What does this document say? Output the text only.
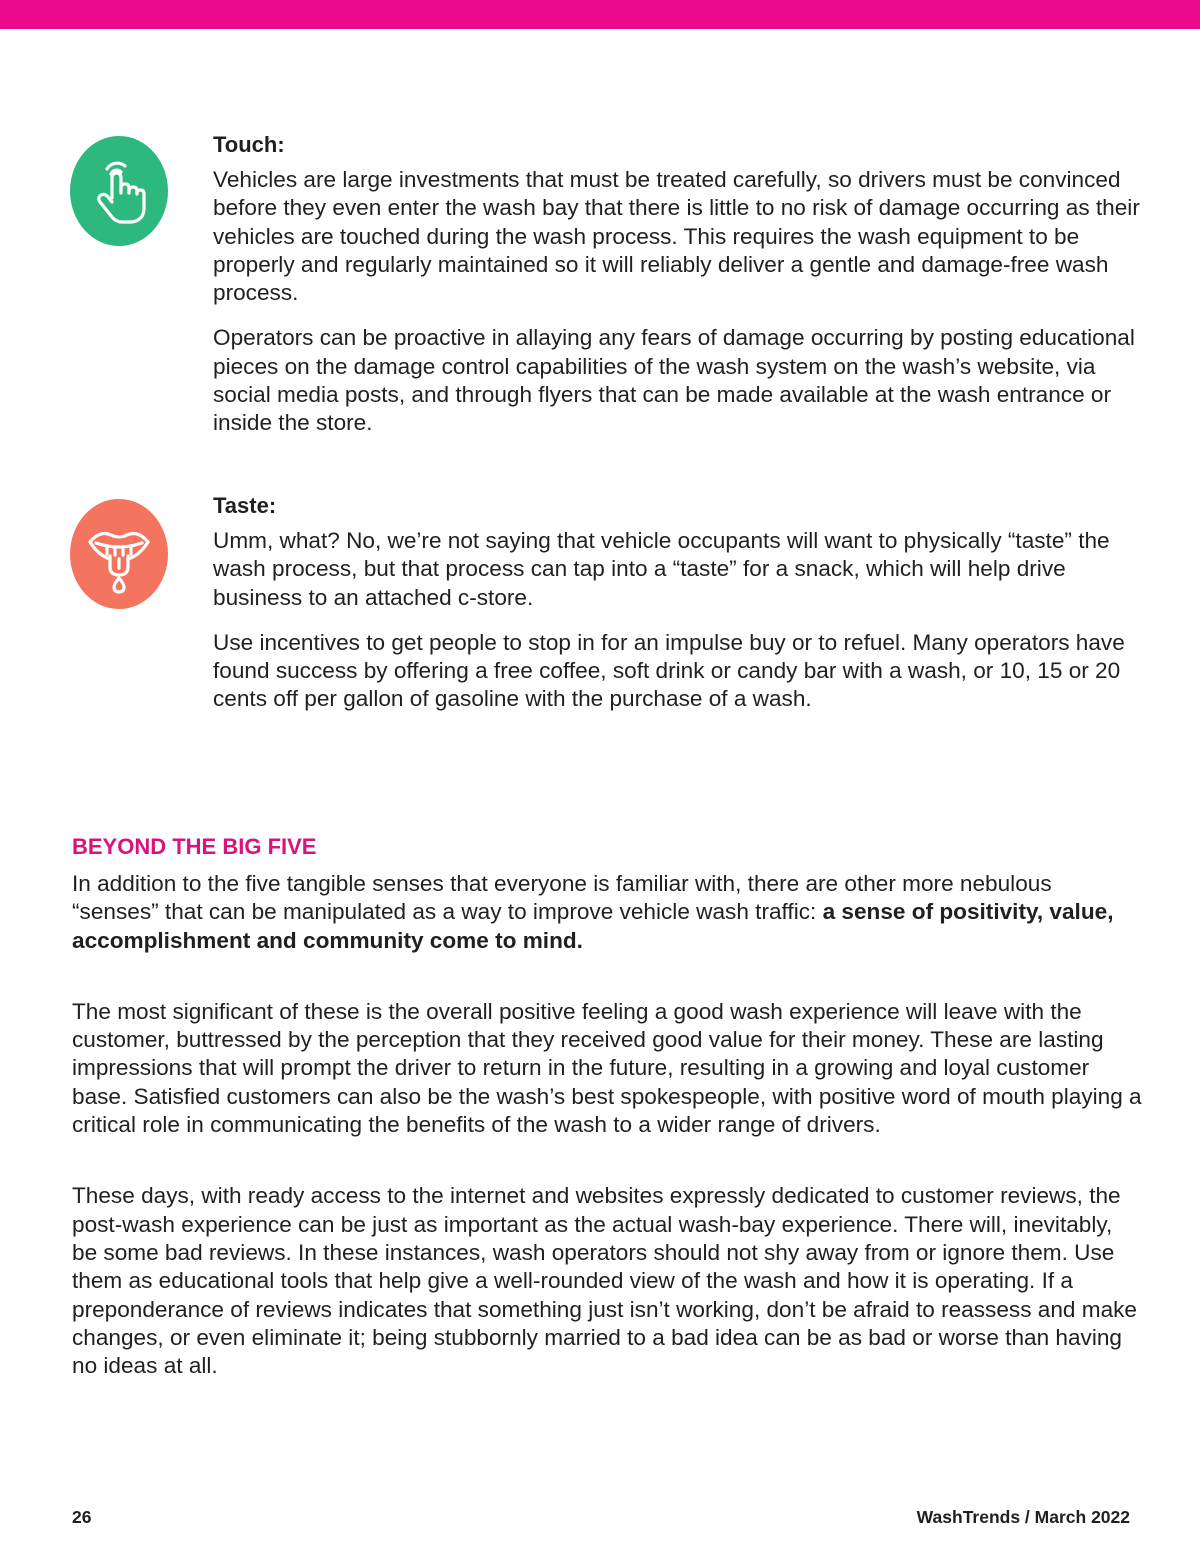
Touch:

Vehicles are large investments that must be treated carefully, so drivers must be convinced before they even enter the wash bay that there is little to no risk of damage occurring as their vehicles are touched during the wash process. This requires the wash equipment to be properly and regularly maintained so it will reliably deliver a gentle and damage-free wash process.

Operators can be proactive in allaying any fears of damage occurring by posting educational pieces on the damage control capabilities of the wash system on the wash’s website, via social media posts, and through flyers that can be made available at the wash entrance or inside the store.

Taste:

Umm, what? No, we’re not saying that vehicle occupants will want to physically “taste” the wash process, but that process can tap into a “taste” for a snack, which will help drive business to an attached c-store.

Use incentives to get people to stop in for an impulse buy or to refuel. Many operators have found success by offering a free coffee, soft drink or candy bar with a wash, or 10, 15 or 20 cents off per gallon of gasoline with the purchase of a wash.

BEYOND THE BIG FIVE

In addition to the five tangible senses that everyone is familiar with, there are other more nebulous “senses” that can be manipulated as a way to improve vehicle wash traffic: a sense of positivity, value, accomplishment and community come to mind.

The most significant of these is the overall positive feeling a good wash experience will leave with the customer, buttressed by the perception that they received good value for their money. These are lasting impressions that will prompt the driver to return in the future, resulting in a growing and loyal customer base. Satisfied customers can also be the wash’s best spokespeople, with positive word of mouth playing a critical role in communicating the benefits of the wash to a wider range of drivers.

These days, with ready access to the internet and websites expressly dedicated to customer reviews, the post-wash experience can be just as important as the actual wash-bay experience. There will, inevitably, be some bad reviews. In these instances, wash operators should not shy away from or ignore them. Use them as educational tools that help give a well-rounded view of the wash and how it is operating. If a preponderance of reviews indicates that something just isn’t working, don’t be afraid to reassess and make changes, or even eliminate it; being stubbornly married to a bad idea can be as bad or worse than having no ideas at all.

26	WashTrends / March 2022
